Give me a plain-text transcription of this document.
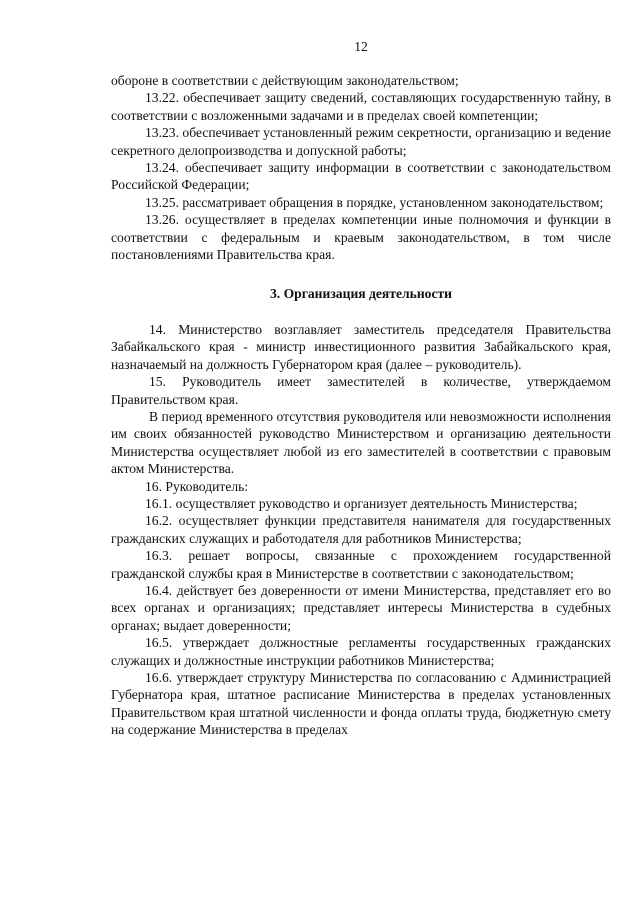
12

обороне в соответствии с действующим законодательством;

13.22. обеспечивает защиту сведений, составляющих государственную тайну, в соответствии с возложенными задачами и в пределах своей компетенции;

13.23. обеспечивает установленный режим секретности, организацию и ведение секретного делопроизводства и допускной работы;

13.24. обеспечивает защиту информации в соответствии с законодательством Российской Федерации;

13.25. рассматривает обращения в порядке, установленном законодательством;

13.26. осуществляет в пределах компетенции иные полномочия и функции в соответствии с федеральным и краевым законодательством, в том числе постановлениями Правительства края.

3. Организация деятельности

14. Министерство возглавляет заместитель председателя Правительства Забайкальского края - министр инвестиционного развития Забайкальского края, назначаемый на должность Губернатором края (далее – руководитель).

15. Руководитель имеет заместителей в количестве, утверждаемом Правительством края.

В период временного отсутствия руководителя или невозможности исполнения им своих обязанностей руководство Министерством и организацию деятельности Министерства осуществляет любой из его заместителей в соответствии с правовым актом Министерства.

16. Руководитель:

16.1. осуществляет руководство и организует деятельность Министерства;

16.2. осуществляет функции представителя нанимателя для государственных гражданских служащих и работодателя для работников Министерства;

16.3. решает вопросы, связанные с прохождением государственной гражданской службы края в Министерстве в соответствии с законодательством;

16.4. действует без доверенности от имени Министерства, представляет его во всех органах и организациях; представляет интересы Министерства в судебных органах; выдает доверенности;

16.5. утверждает должностные регламенты государственных гражданских служащих и должностные инструкции работников Министерства;

16.6. утверждает структуру Министерства по согласованию с Администрацией Губернатора края, штатное расписание Министерства в пределах установленных Правительством края штатной численности и фонда оплаты труда, бюджетную смету на содержание Министерства в пределах
